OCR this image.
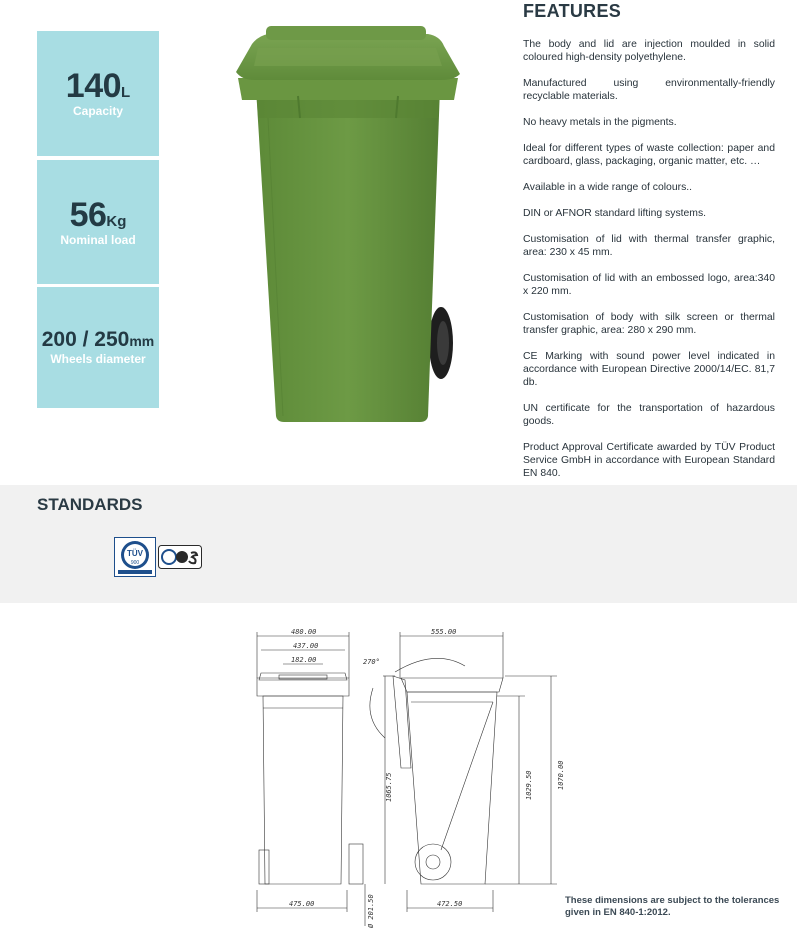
140L
Capacity
56Kg
Nominal load
200 / 250mm
Wheels diameter
FEATURES
The body and lid are injection moulded in solid coloured high-density polyethylene.
Manufactured using environmentally-friendly recyclable materials.
No heavy metals in the pigments.
Ideal for different types of waste collection: paper and cardboard, glass, packaging, organic matter, etc. …
Available in a wide range of colours..
DIN or AFNOR standard lifting systems.
Customisation of lid with thermal transfer graphic, area: 230 x 45 mm.
Customisation of lid with an embossed logo, area:340 x 220 mm.
Customisation of body with silk screen or thermal transfer graphic, area: 280 x 290 mm.
CE Marking with sound power level indicated in accordance with European Directive 2000/14/EC. 81,7 db.
UN certificate for the transportation of hazardous goods.
Product Approval Certificate awarded by TÜV Product Service GmbH in accordance with European Standard EN 840.
STANDARDS
TÜV
900
480.00
437.00
182.00
475.00
555.00
472.50
270°
Ø 201.50
1065.75	1029.50	1070.00

These dimensions are subject to the tolerances given in EN 840-1:2012.
